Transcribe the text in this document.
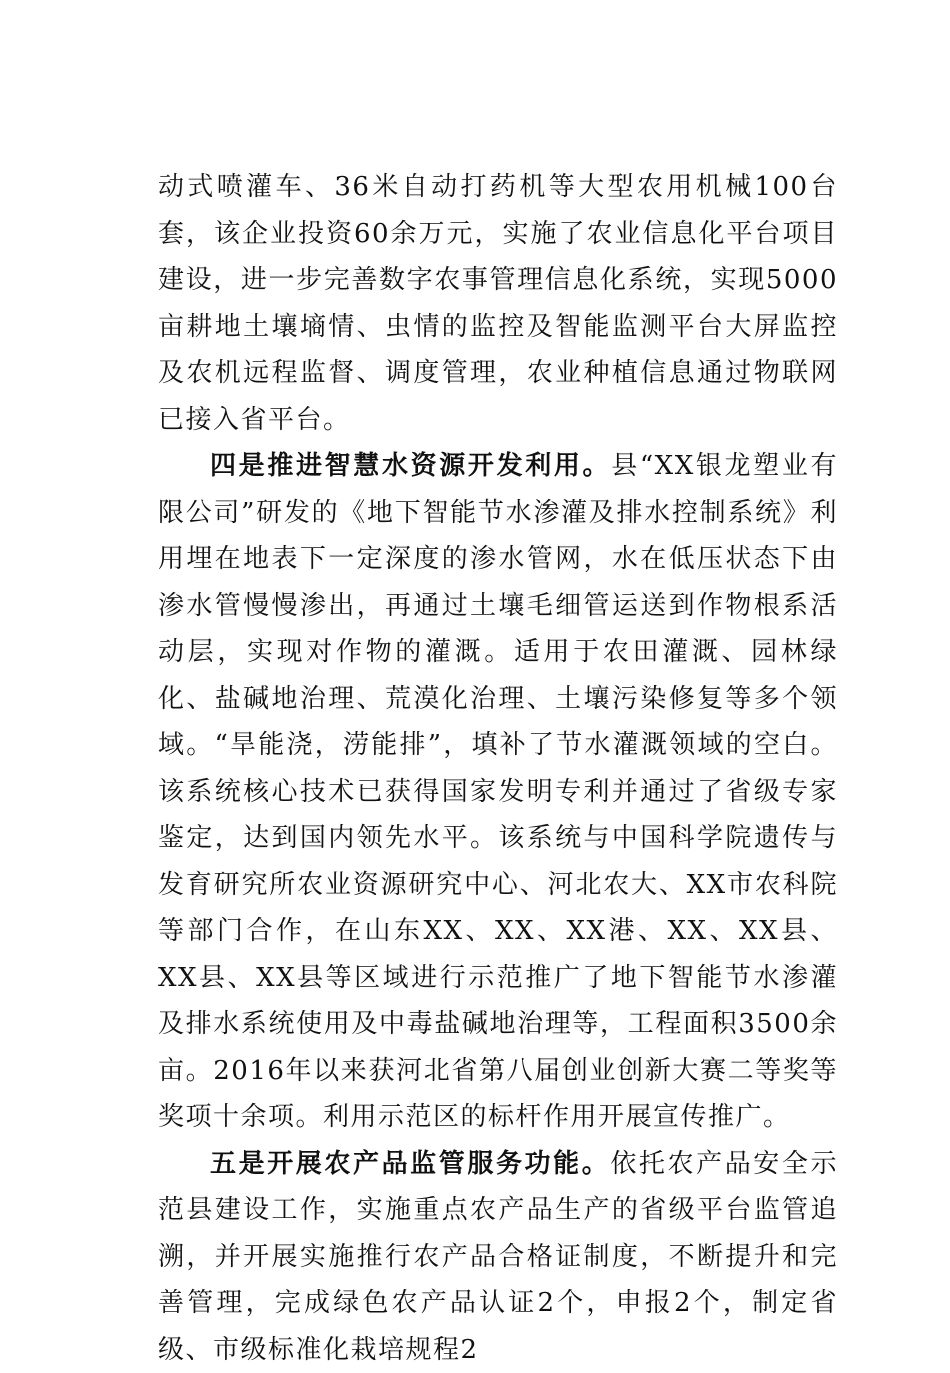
动式喷灌车、36米自动打药机等大型农用机械100台套，该企业投资60余万元，实施了农业信息化平台项目建设，进一步完善数字农事管理信息化系统，实现5000亩耕地土壤墒情、虫情的监控及智能监测平台大屏监控及农机远程监督、调度管理，农业种植信息通过物联网已接入省平台。

四是推进智慧水资源开发利用。县“XX银龙塑业有限公司”研发的《地下智能节水渗灌及排水控制系统》利用埋在地表下一定深度的渗水管网，水在低压状态下由渗水管慢慢渗出，再通过土壤毛细管运送到作物根系活动层，实现对作物的灌溉。适用于农田灌溉、园林绿化、盐碱地治理、荒漠化治理、土壤污染修复等多个领域。“旱能浇，涝能排”，填补了节水灌溉领域的空白。该系统核心技术已获得国家发明专利并通过了省级专家鉴定，达到国内领先水平。该系统与中国科学院遗传与发育研究所农业资源研究中心、河北农大、XX市农科院等部门合作，在山东XX、XX、XX港、XX、XX县、XX县、XX县等区域进行示范推广了地下智能节水渗灌及排水系统使用及中毒盐碱地治理等，工程面积3500余亩。2016年以来获河北省第八届创业创新大赛二等奖等奖项十余项。利用示范区的标杆作用开展宣传推广。

五是开展农产品监管服务功能。依托农产品安全示范县建设工作，实施重点农产品生产的省级平台监管追溯，并开展实施推行农产品合格证制度，不断提升和完善管理，完成绿色农产品认证2个，申报2个，制定省级、市级标准化栽培规程2
